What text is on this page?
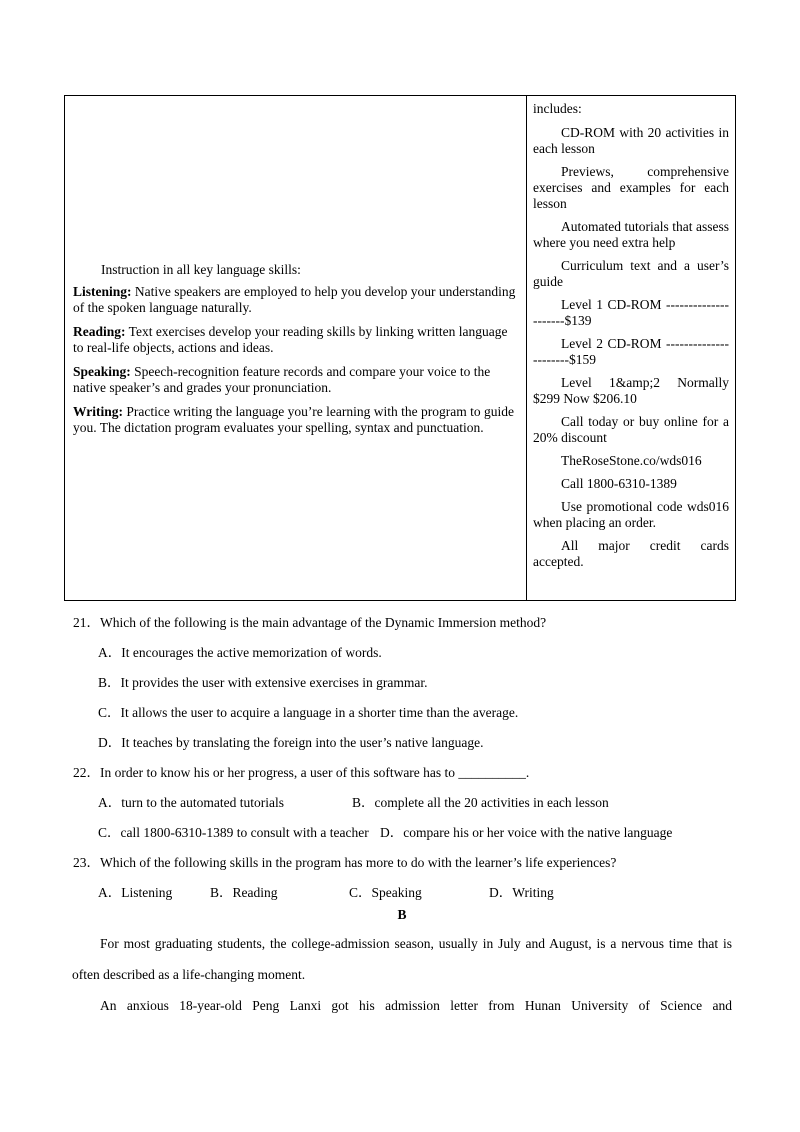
Instruction in all key language skills:

Listening: Native speakers are employed to help you develop your understanding of the spoken language naturally.

Reading: Text exercises develop your reading skills by linking written language to real-life objects, actions and ideas.

Speaking: Speech-recognition feature records and compare your voice to the native speaker’s and grades your pronunciation.

Writing: Practice writing the language you’re learning with the program to guide you. The dictation program evaluates your spelling, syntax and punctuation.

includes:

CD-ROM with 20 activities in each lesson

Previews, comprehensive exercises and examples for each lesson

Automated tutorials that assess where you need extra help

Curriculum text and a user’s guide

Level 1 CD-ROM ---------------------$139

Level 2 CD-ROM ----------------------$159

Level 1&amp;2 Normally $299 Now $206.10

Call today or buy online for a 20% discount

TheRoseStone.co/wds016

Call 1800-6310-1389

Use promotional code wds016 when placing an order.

All major credit cards accepted.

21．Which of the following is the main advantage of the Dynamic Immersion method?
A．It encourages the active memorization of words.
B．It provides the user with extensive exercises in grammar.
C．It allows the user to acquire a language in a shorter time than the average.
D．It teaches by translating the foreign into the user’s native language.
22．In order to know his or her progress, a user of this software has to __________.
A．turn to the automated tutorials	B．complete all the 20 activities in each lesson
C．call 1800-6310-1389 to consult with a teacher D．compare his or her voice with the native language
23．Which of the following skills in the program has more to do with the learner’s life experiences?
A．Listening	B．Reading	C．Speaking	D．Writing
B

For most graduating students, the college-admission season, usually in July and August, is a nervous time that is often described as a life-changing moment.

An anxious 18-year-old Peng Lanxi got his admission letter from Hunan University of Science and
